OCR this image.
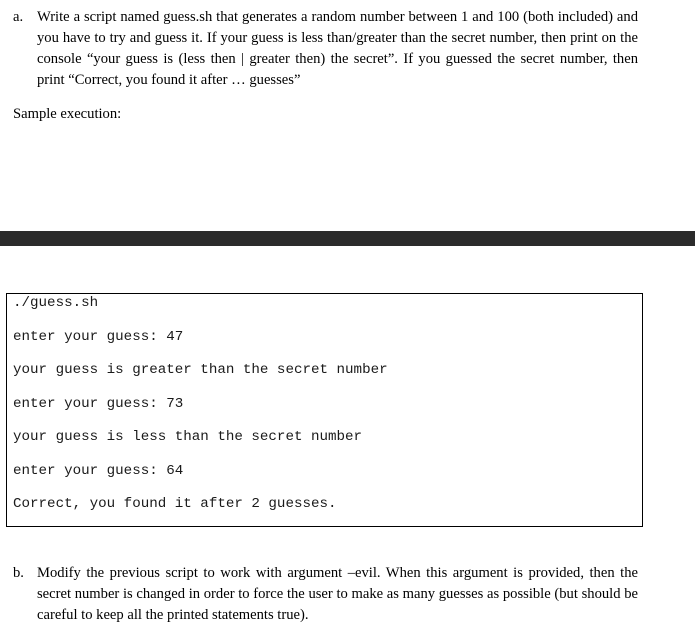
a. Write a script named guess.sh that generates a random number between 1 and 100 (both included) and you have to try and guess it. If your guess is less than/greater than the secret number, then print on the console “your guess is (less then | greater then) the secret”. If you guessed the secret number, then print “Correct, you found it after … guesses”
Sample execution:
./guess.sh
enter your guess: 47
your guess is greater than the secret number
enter your guess: 73
your guess is less than the secret number
enter your guess: 64
Correct, you found it after 2 guesses.
b. Modify the previous script to work with argument –evil. When this argument is provided, then the secret number is changed in order to force the user to make as many guesses as possible (but should be careful to keep all the printed statements true).
